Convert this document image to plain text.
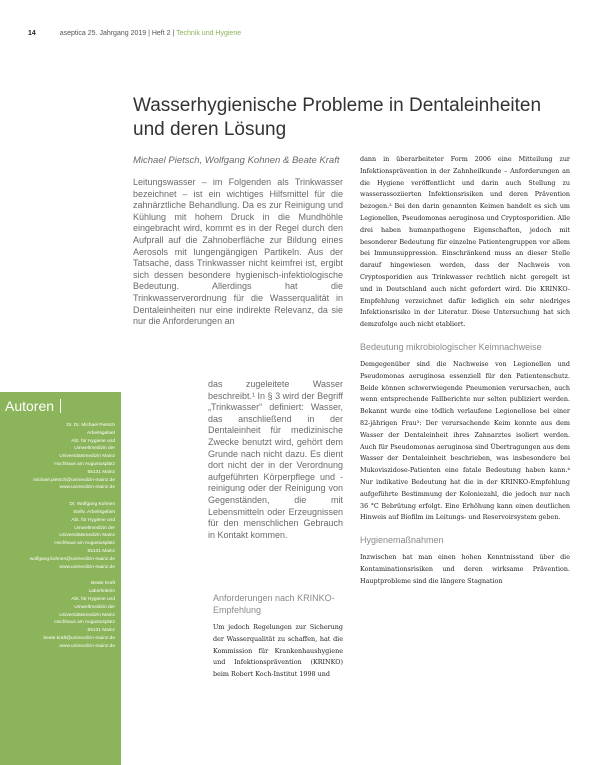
14	aseptica 25. Jahrgang 2019 | Heft 2 | Technik und Hygiene
Wasserhygienische Probleme in Dentaleinheiten und deren Lösung
Michael Pietsch, Wolfgang Kohnen & Beate Kraft
Leitungswasser – im Folgenden als Trinkwasser bezeichnet – ist ein wichtiges Hilfsmittel für die zahnärztliche Behandlung. Da es zur Reinigung und Kühlung mit hohem Druck in die Mundhöhle eingebracht wird, kommt es in der Regel durch den Aufprall auf die Zahnoberfläche zur Bildung eines Aerosols mit lungengängigen Partikeln. Aus der Tatsache, dass Trinkwasser nicht keimfrei ist, ergibt sich dessen besondere hygienisch-infektiologische Bedeutung. Allerdings hat die Trinkwasserverordnung für die Wasserqualität in Dentaleinheiten nur eine indirekte Relevanz, da sie nur die Anforderungen an
das zugeleitete Wasser beschreibt.¹ In § 3 wird der Begriff „Trinkwasser“ definiert: Wasser, das anschließend in der Dentaleinheit für medizinische Zwecke benutzt wird, gehört dem Grunde nach nicht dazu. Es dient dort nicht der in der Verordnung aufgeführten Körperpflege und -reinigung oder der Reinigung von Gegenständen, die mit Lebensmitteln oder Erzeugnissen für den menschlichen Gebrauch in Kontakt kommen.
Anforderungen nach KRINKO-Empfehlung
Um jedoch Regelungen zur Sicherung der Wasserqualität zu schaffen, hat die Kommission für Krankenhaushygiene und Infektionsprävention (KRINKO) beim Robert Koch-Institut 1998 und
dann in überarbeiteter Form 2006 eine Mitteilung zur Infektionsprävention in der Zahnheilkunde – Anforderungen an die Hygiene veröffentlicht und darin auch Stellung zu wasserassoziierten Infektionsrisiken und deren Prävention bezogen.² Bei den darin genannten Keimen handelt es sich um Legionellen, Pseudomonas aeruginosa und Cryptosporidien. Alle drei haben humanpathogene Eigenschaften, jedoch mit besonderer Bedeutung für einzelne Patientengruppen vor allem bei Immunsuppression. Einschränkend muss an dieser Stelle darauf hingewiesen werden, dass der Nachweis von Cryptosporidien aus Trinkwasser rechtlich nicht geregelt ist und in Deutschland auch nicht gefordert wird. Die KRINKO-Empfehlung verzeichnet dafür lediglich ein sehr niedriges Infektionsrisiko in der Literatur. Diese Untersuchung hat sich demzufolge auch nicht etabliert.
Bedeutung mikrobiologischer Keimnachweise
Demgegenüber sind die Nachweise von Legionellen und Pseudomonas aeruginosa essenziell für den Patientenschutz. Beide können schwerwiegende Pneumonien verursachen, auch wenn entsprechende Fallberichte nur selten publiziert werden. Bekannt wurde eine tödlich verlaufene Legionellose bei einer 82-jährigen Frau³: Der verursachende Keim konnte aus dem Wasser der Dentaleinheit ihres Zahnarztes isoliert werden. Auch für Pseudomonas aeruginosa sind Übertragungen aus dem Wasser der Dentaleinheit beschrieben, was insbesondere bei Mukoviszidose-Patienten eine fatale Bedeutung haben kann.⁴ Nur indikative Bedeutung hat die in der KRINKO-Empfehlung aufgeführte Bestimmung der Koloniezahl, die jedoch nur nach 36 °C Bebrütung erfolgt. Eine Erhöhung kann einen deutlichen Hinweis auf Biofilm im Leitungs- und Reservoirsystem geben.
Hygienemaßnahmen
Inzwischen hat man einen hohen Kenntnisstand über die Kontaminationsrisiken und deren wirksame Prävention. Hauptprobleme sind die längere Stagnation
Autoren
Dr. Dr. Michael Pietsch
Arbeitsgebiet
Abt. für Hygiene und
Umweltmedizin der
Universitätsmedizin Mainz
Hochhaus am Augustusplatz
55131 Mainz
michael.pietsch@unimedizin-mainz.de
www.unimedizin-mainz.de
Dr. Wolfgang Kohnen
Stellv. Arbeitsgebiet
Abt. für Hygiene und
Umweltmedizin der
Universitätsmedizin Mainz
Hochhaus am Augustusplatz
55131 Mainz
wolfgang.kohnen@unimedizin-mainz.de
www.unimedizin-mainz.de
Beate Kraft
Laborleiterin
Abt. für Hygiene und
Umweltmedizin der
Universitätsmedizin Mainz
Hochhaus am Augustusplatz
55131 Mainz
beate.kraft@unimedizin-mainz.de
www.unimedizin-mainz.de
